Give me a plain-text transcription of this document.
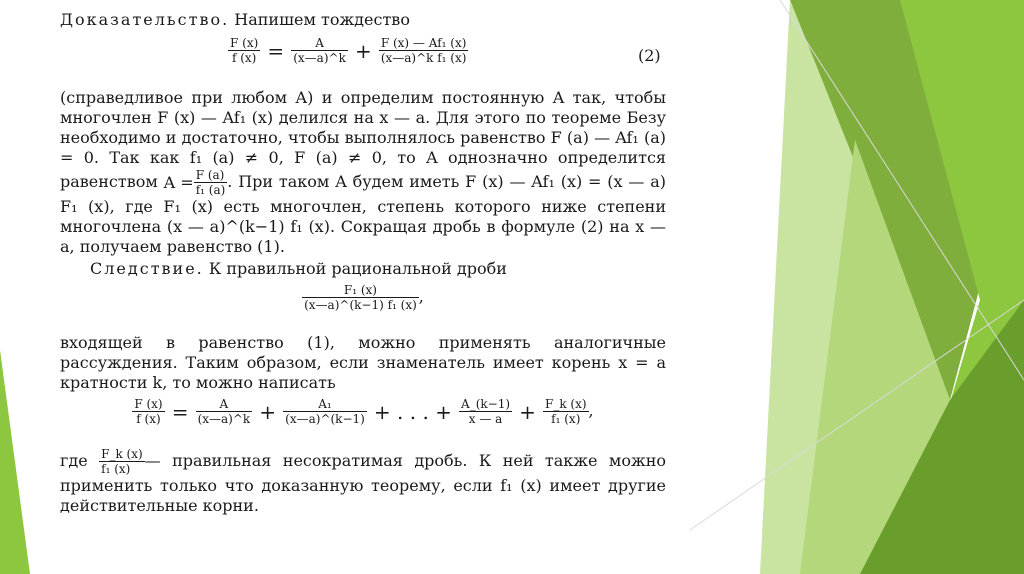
Доказательство. Напишем тождество
$\frac{F (x)}{f (x)} = \frac{A}{(x—a)\^{}k} + \frac{\text{F (x) — Af₁ (x)}}{\text{(x—a)\textasciicircum{}k f₁ (x)}}$	(2)
(справедливое при любом A) и определим постоянную A так, чтобы многочлен F (x) — Af₁ (x) делился на x — a. Для этого по теореме Безу необходимо и достаточно, чтобы выполнялось равенство F (a) — Af₁ (a) = 0. Так как f₁ (a) ≠ 0, F (a) ≠ 0, то A однозначно определится равенством $A = \frac{F (a)}{\text{f₁ (a)}}$ . При таком A будем иметь F (x) — Af₁ (x) = (x — a) F₁ (x), где F₁ (x) есть многочлен, степень которого ниже степени многочлена (x — a)^(k−1) f₁ (x). Сокращая дробь в формуле (2) на x — a, получаем равенство (1).
Следствие. К правильной рациональной дроби
$\frac{\text{F₁ (x)}}{\text{(x—a)\textasciicircum{}(k−1) f₁ (x)}}$ ,
входящей в равенство (1), можно применять аналогичные рассуждения. Таким образом, если знаменатель имеет корень x = a кратности k, то можно написать
$\frac{F (x)}{f (x)} = \frac{A}{(x—a)\^{}k} + \frac{\text{A₁}}{(x—a)\^{}(k-1)}$ + . . . + $\frac{A\_(k-1)}{x — a} + \frac{F\_k (x)}{\text{f₁ (x)}}$ ,
где $\frac{F\_k (x)}{\text{f₁ (x)}}$ — правильная несократимая дробь. К ней также можно применить только что доказанную теорему, если f₁ (x) имеет другие действительные корни.
